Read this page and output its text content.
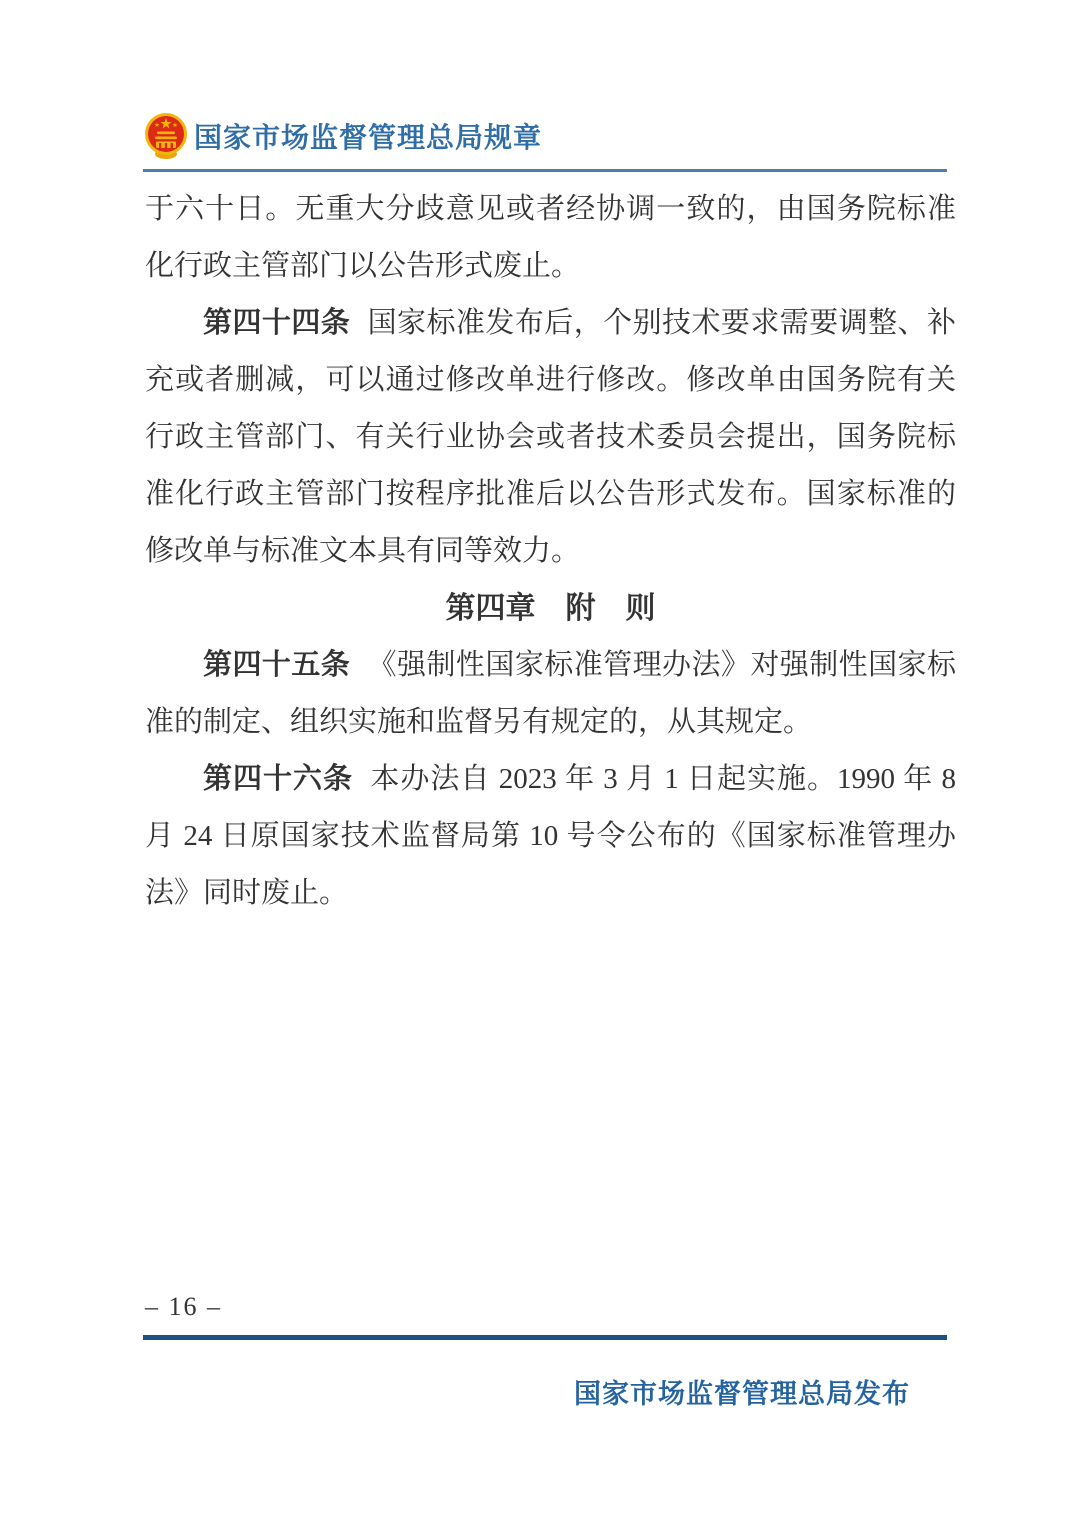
国家市场监督管理总局规章

于六十日。无重大分歧意见或者经协调一致的，由国务院标准化行政主管部门以公告形式废止。

第四十四条 国家标准发布后，个别技术要求需要调整、补充或者删减，可以通过修改单进行修改。修改单由国务院有关行政主管部门、有关行业协会或者技术委员会提出，国务院标准化行政主管部门按程序批准后以公告形式发布。国家标准的修改单与标准文本具有同等效力。

第四章　附　则

第四十五条 《强制性国家标准管理办法》对强制性国家标准的制定、组织实施和监督另有规定的，从其规定。

第四十六条 本办法自 2023 年 3 月 1 日起实施。1990 年 8 月 24 日原国家技术监督局第 10 号令公布的《国家标准管理办法》同时废止。

– 16 –
国家市场监督管理总局发布
